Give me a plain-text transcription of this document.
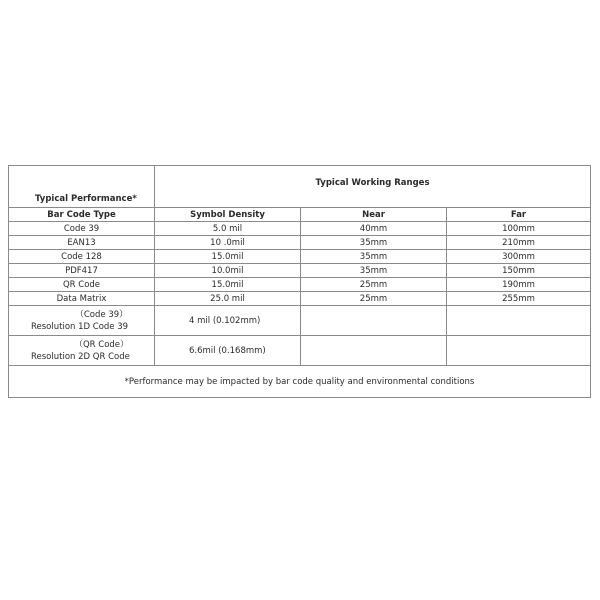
Typical Performance*	Typical Working Ranges		
Bar Code Type	Symbol Density	Near	Far
Code 39	5.0 mil	40mm	100mm
EAN13	10 .0mil	35mm	210mm
Code 128	15.0mil	35mm	300mm
PDF417	10.0mil	35mm	150mm
QR Code	15.0mil	25mm	190mm
Data Matrix	25.0 mil	25mm	255mm

（Code 39）
Resolution 1D Code 39	4 mil (0.102mm)		

（QR Code）
Resolution 2D QR Code	6.6mil (0.168mm)		
*Performance may be impacted by bar code quality and environmental conditions			
